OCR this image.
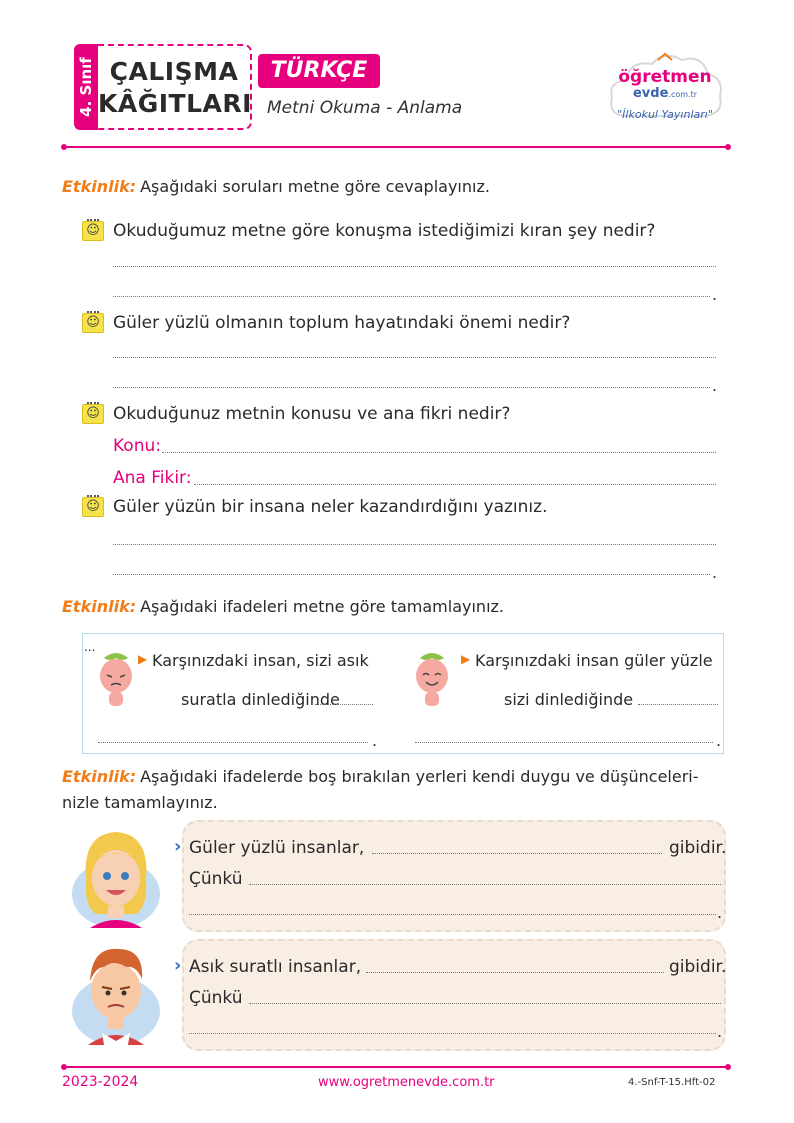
4. Sınıf ÇALIŞMA
KÂĞITLARI
TÜRKÇE
Metni Okuma - Anlama
öğretmen
evde.com.tr
"İlkokul Yayınları"
Etkinlik: Aşağıdaki soruları metne göre cevaplayınız.
☺ Okuduğumuz metne göre konuşma istediğimizi kıran şey nedir?
.
☺ Güler yüzlü olmanın toplum hayatındaki önemi nedir?
.
☺ Okuduğunuz metnin konusu ve ana fikri nedir?
Konu:
Ana Fikir:
☺ Güler yüzün bir insana neler kazandırdığını yazınız.
.
Etkinlik: Aşağıdaki ifadeleri metne göre tamamlayınız.
...
▶ Karşınızdaki insan, sizi asık
suratla dinlediğinde
.
▶ Karşınızdaki insan güler yüzle
sizi dinlediğinde
.
Etkinlik: Aşağıdaki ifadelerde boş bırakılan yerleri kendi duygu ve düşünceleri-
nizle tamamlayınız.
› Güler yüzlü insanlar,	gibidir.
Çünkü
.
› Asık suratlı insanlar,	gibidir.
Çünkü
.
2023-2024	www.ogretmenevde.com.tr	4.-Snf-T-15.Hft-02
